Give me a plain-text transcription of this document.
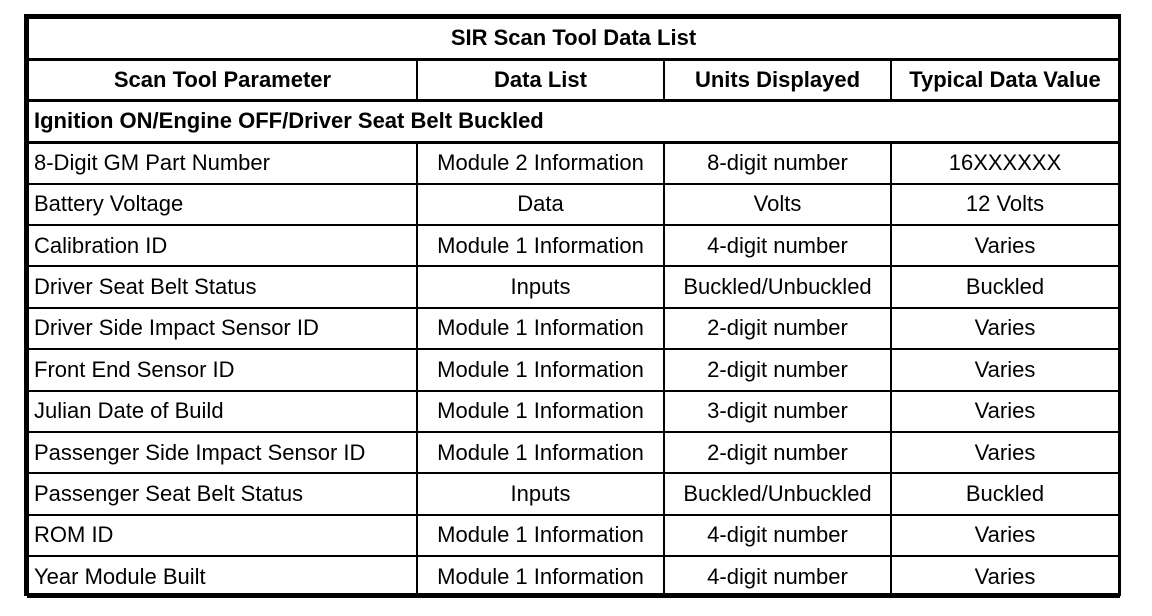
SIR Scan Tool Data List			
Scan Tool Parameter	Data List	Units Displayed	Typical Data Value
Ignition ON/Engine OFF/Driver Seat Belt Buckled			
8-Digit GM Part Number	Module 2 Information	8-digit number	16XXXXXX
Battery Voltage	Data	Volts	12 Volts
Calibration ID	Module 1 Information	4-digit number	Varies
Driver Seat Belt Status	Inputs	Buckled/Unbuckled	Buckled
Driver Side Impact Sensor ID	Module 1 Information	2-digit number	Varies
Front End Sensor ID	Module 1 Information	2-digit number	Varies
Julian Date of Build	Module 1 Information	3-digit number	Varies
Passenger Side Impact Sensor ID	Module 1 Information	2-digit number	Varies
Passenger Seat Belt Status	Inputs	Buckled/Unbuckled	Buckled
ROM ID	Module 1 Information	4-digit number	Varies
Year Module Built	Module 1 Information	4-digit number	Varies
